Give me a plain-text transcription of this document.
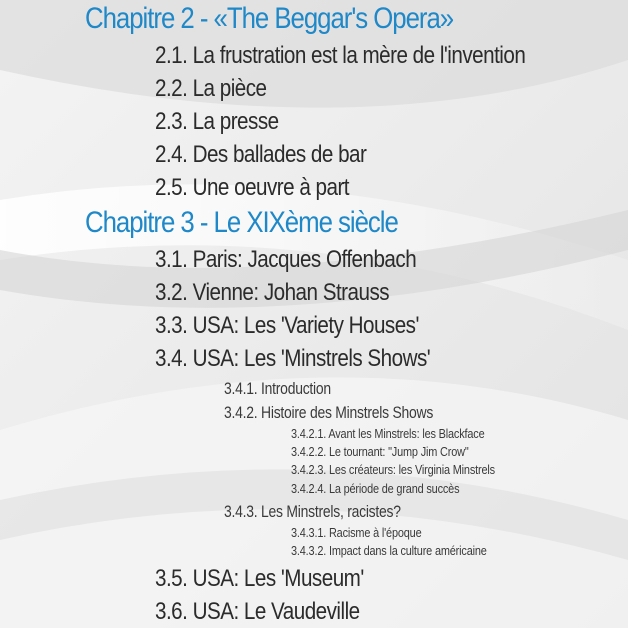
Chapitre 2 - «The Beggar's Opera»
2.1. La frustration est la mère de l'invention
2.2. La pièce
2.3. La presse
2.4. Des ballades de bar
2.5. Une oeuvre à part
Chapitre 3 - Le XIXème siècle
3.1. Paris: Jacques Offenbach
3.2. Vienne: Johan Strauss
3.3. USA: Les 'Variety Houses'
3.4. USA: Les 'Minstrels Shows'
3.4.1. Introduction
3.4.2. Histoire des Minstrels Shows
3.4.2.1. Avant les Minstrels: les Blackface
3.4.2.2. Le tournant: "Jump Jim Crow"
3.4.2.3. Les créateurs: les Virginia Minstrels
3.4.2.4. La période de grand succès
3.4.3. Les Minstrels, racistes?
3.4.3.1. Racisme à l'époque
3.4.3.2. Impact dans la culture américaine
3.5. USA: Les 'Museum'
3.6. USA: Le Vaudeville
